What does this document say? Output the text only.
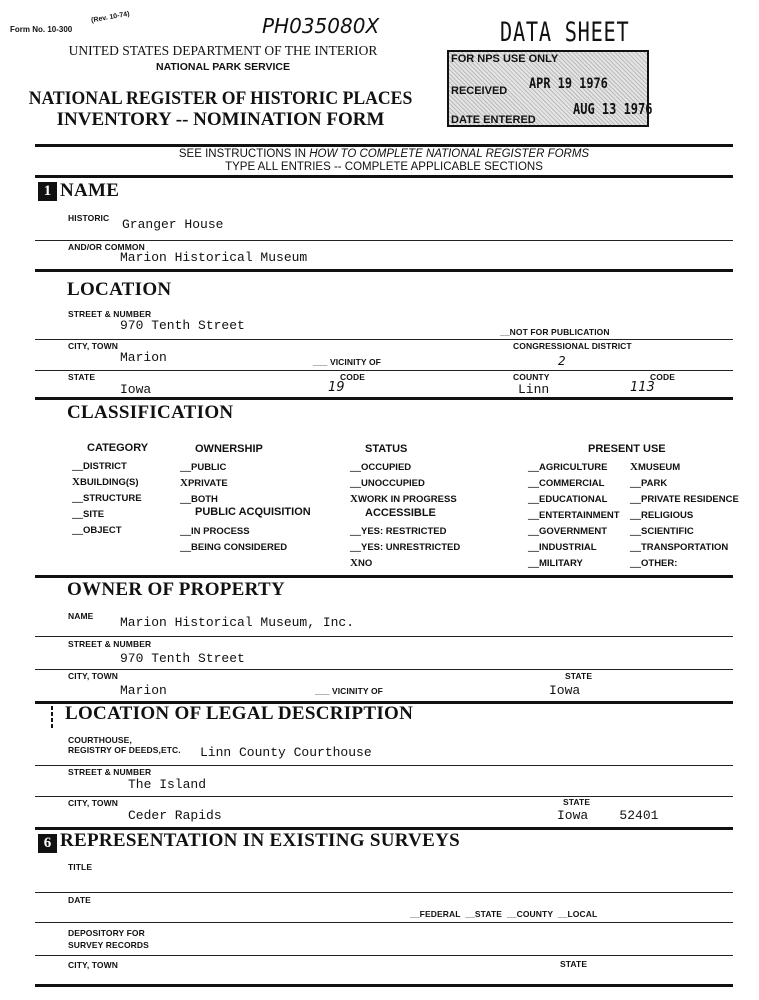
Form No. 10-300
(Rev. 10-74)	PH035080X
UNITED STATES DEPARTMENT OF THE INTERIOR
NATIONAL PARK SERVICE
NATIONAL REGISTER OF HISTORIC PLACES
INVENTORY -- NOMINATION FORM
DATA SHEET
FOR NPS USE ONLY
RECEIVED APR 19 1976
DATE ENTERED
AUG 13 1976
SEE INSTRUCTIONS IN HOW TO COMPLETE NATIONAL REGISTER FORMS
TYPE ALL ENTRIES -- COMPLETE APPLICABLE SECTIONS
1 NAME
HISTORIC Granger House
AND/OR COMMON
Marion Historical Museum
LOCATION
STREET & NUMBER
970 Tenth Street	__NOT FOR PUBLICATION
CITY, TOWN	CONGRESSIONAL DISTRICT
Marion	___ VICINITY OF	2
STATE	CODE	COUNTY	CODE
Iowa	19	Linn	113
CLASSIFICATION
CATEGORY	OWNERSHIP
PUBLIC ACQUISITION
STATUS
ACCESSIBLE
PRESENT USE
__DISTRICT
XBUILDING(S)
__STRUCTURE
__SITE
__OBJECT
__PUBLIC
XPRIVATE
__BOTH
__IN PROCESS
__BEING CONSIDERED
__OCCUPIED
__UNOCCUPIED
XWORK IN PROGRESS
__YES: RESTRICTED
__YES: UNRESTRICTED
XNO
__AGRICULTURE
__COMMERCIAL
__EDUCATIONAL
__ENTERTAINMENT
__GOVERNMENT
__INDUSTRIAL
__MILITARY
XMUSEUM
__PARK
__PRIVATE RESIDENCE
__RELIGIOUS
__SCIENTIFIC
__TRANSPORTATION
__OTHER:
OWNER OF PROPERTY
NAME Marion Historical Museum, Inc.
STREET & NUMBER
970 Tenth Street
CITY, TOWN	STATE
Marion	___ VICINITY OF	Iowa
LOCATION OF LEGAL DESCRIPTION
COURTHOUSE,
REGISTRY OF DEEDS,ETC. Linn County Courthouse
STREET & NUMBER
The Island
CITY, TOWN	STATE
Ceder Rapids	Iowa    52401
6 REPRESENTATION IN EXISTING SURVEYS
TITLE
DATE
__FEDERAL  __STATE  __COUNTY  __LOCAL
DEPOSITORY FOR
SURVEY RECORDS
CITY, TOWN	STATE
